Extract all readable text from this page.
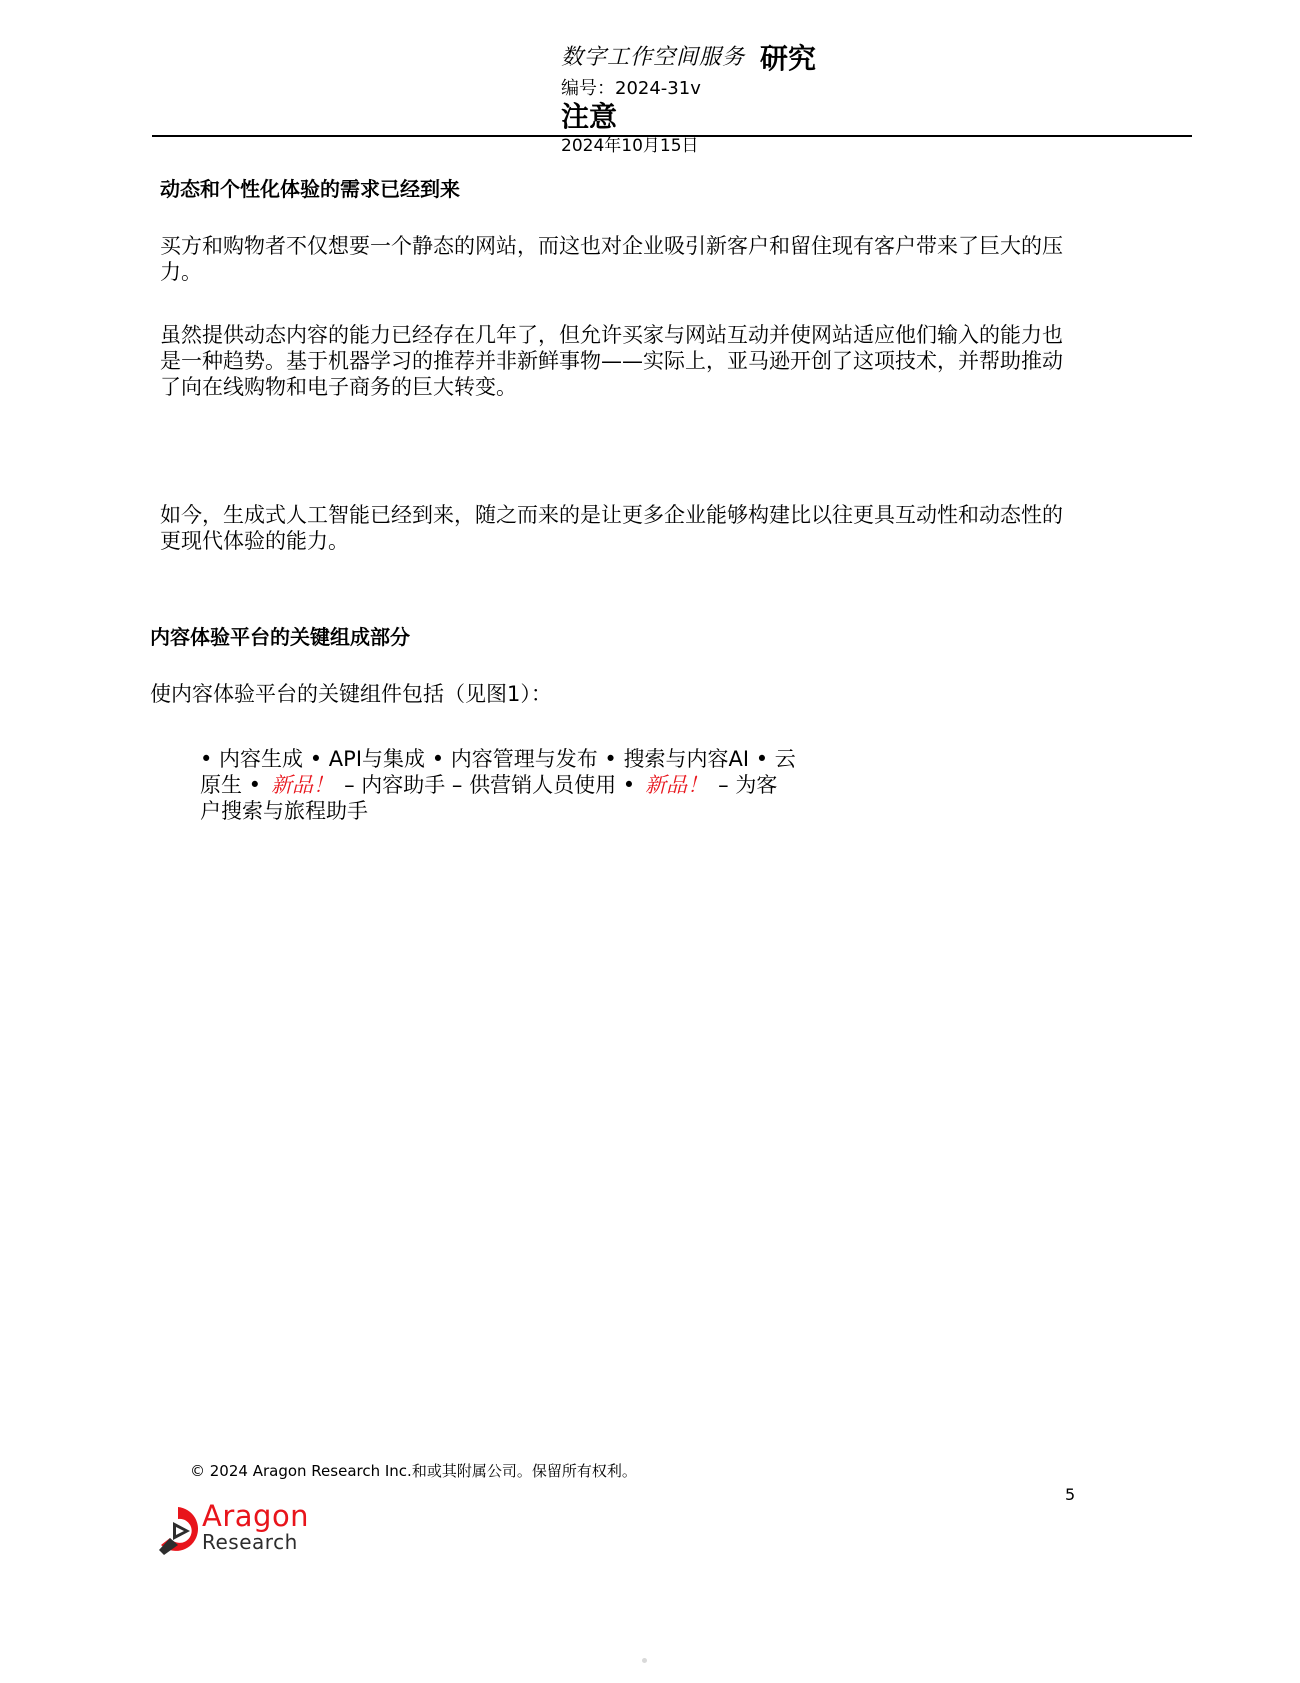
数字工作空间服务 研究
编号：2024-31v
注意
2024年10月15日
动态和个性化体验的需求已经到来
买方和购物者不仅想要一个静态的网站，而这也对企业吸引新客户和留住现有客户带来了巨大的压
力。
虽然提供动态内容的能力已经存在几年了，但允许买家与网站互动并使网站适应他们输入的能力也
是一种趋势。基于机器学习的推荐并非新鲜事物——实际上，亚马逊开创了这项技术，并帮助推动
了向在线购物和电子商务的巨大转变。
如今，生成式人工智能已经到来，随之而来的是让更多企业能够构建比以往更具互动性和动态性的
更现代体验的能力。
内容体验平台的关键组成部分
使内容体验平台的关键组件包括（见图1）：
• 内容生成 • API与集成 • 内容管理与发布 • 搜索与内容AI • 云
原生 • 新品！ – 内容助手 – 供营销人员使用 • 新品！ – 为客
户搜索与旅程助手
© 2024 Aragon Research Inc.和或其附属公司。保留所有权利。
5
Aragon
Research
